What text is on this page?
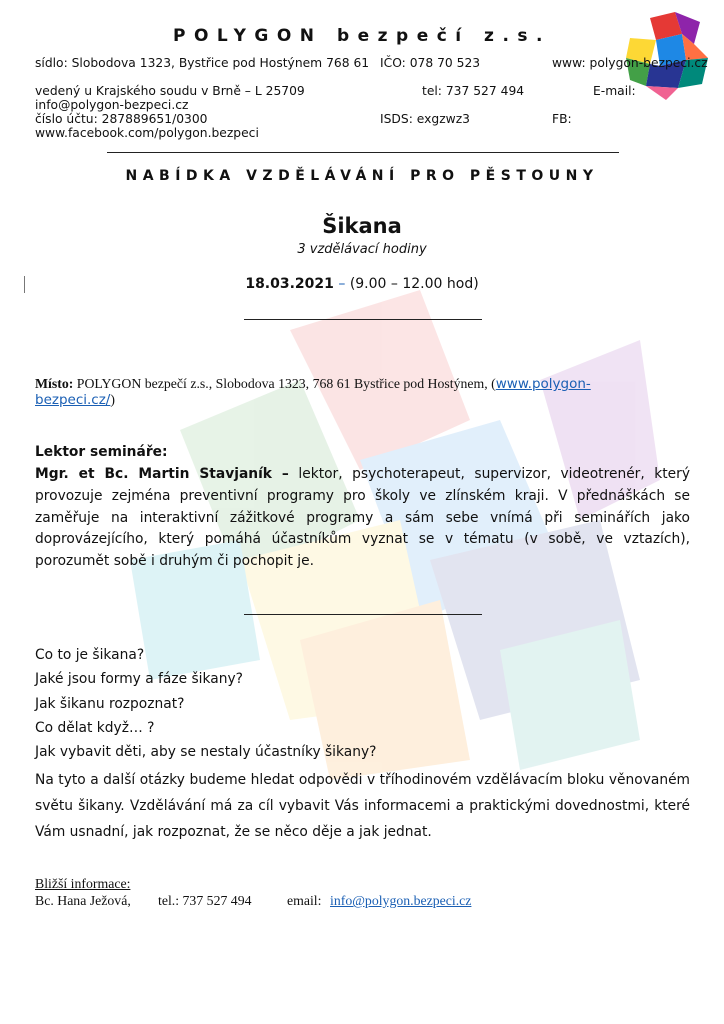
POLYGON bezpečí z.s.
sídlo: Slobodova 1323, Bystřice pod Hostýnem 768 61 IČO: 078 70 523	www: polygon-bezpeci.cz
vedený u Krajského soudu v Brně – L 25709	tel: 737 527 494	E-mail:
info@polygon-bezpeci.cz
číslo účtu: 287889651/0300	ISDS: exgzwz3	FB:
www.facebook.com/polygon.bezpeci
NABÍDKA VZDĚLÁVÁNÍ PRO PĚSTOUNY
Šikana
3 vzdělávací hodiny
18.03.2021 – (9.00 – 12.00 hod)
Místo: POLYGON bezpečí z.s., Slobodova 1323, 768 61 Bystřice pod Hostýnem, (www.polygon-bezpeci.cz/)
Lektor semináře:
Mgr. et Bc. Martin Stavjaník – lektor, psychoterapeut, supervizor, videotrenér, který provozuje zejména preventivní programy pro školy ve zlínském kraji. V přednáškách se zaměřuje na interaktivní zážitkové programy a sám sebe vnímá při seminářích jako doprovázejícího, který pomáhá účastníkům vyznat se v tématu (v sobě, ve vztazích), porozumět sobě i druhým či pochopit je.
Co to je šikana?
Jaké jsou formy a fáze šikany?
Jak šikanu rozpoznat?
Co dělat když… ?
Jak vybavit děti, aby se nestaly účastníky šikany?
Na tyto a další otázky budeme hledat odpovědi v tříhodinovém vzdělávacím bloku věnovaném světu šikany. Vzdělávání má za cíl vybavit Vás informacemi a praktickými dovednostmi, které Vám usnadní, jak rozpoznat, že se něco děje a jak jednat.
Bližší informace:
Bc. Hana Ježová, tel.: 737 527 494	email: info@polygon.bezpeci.cz
